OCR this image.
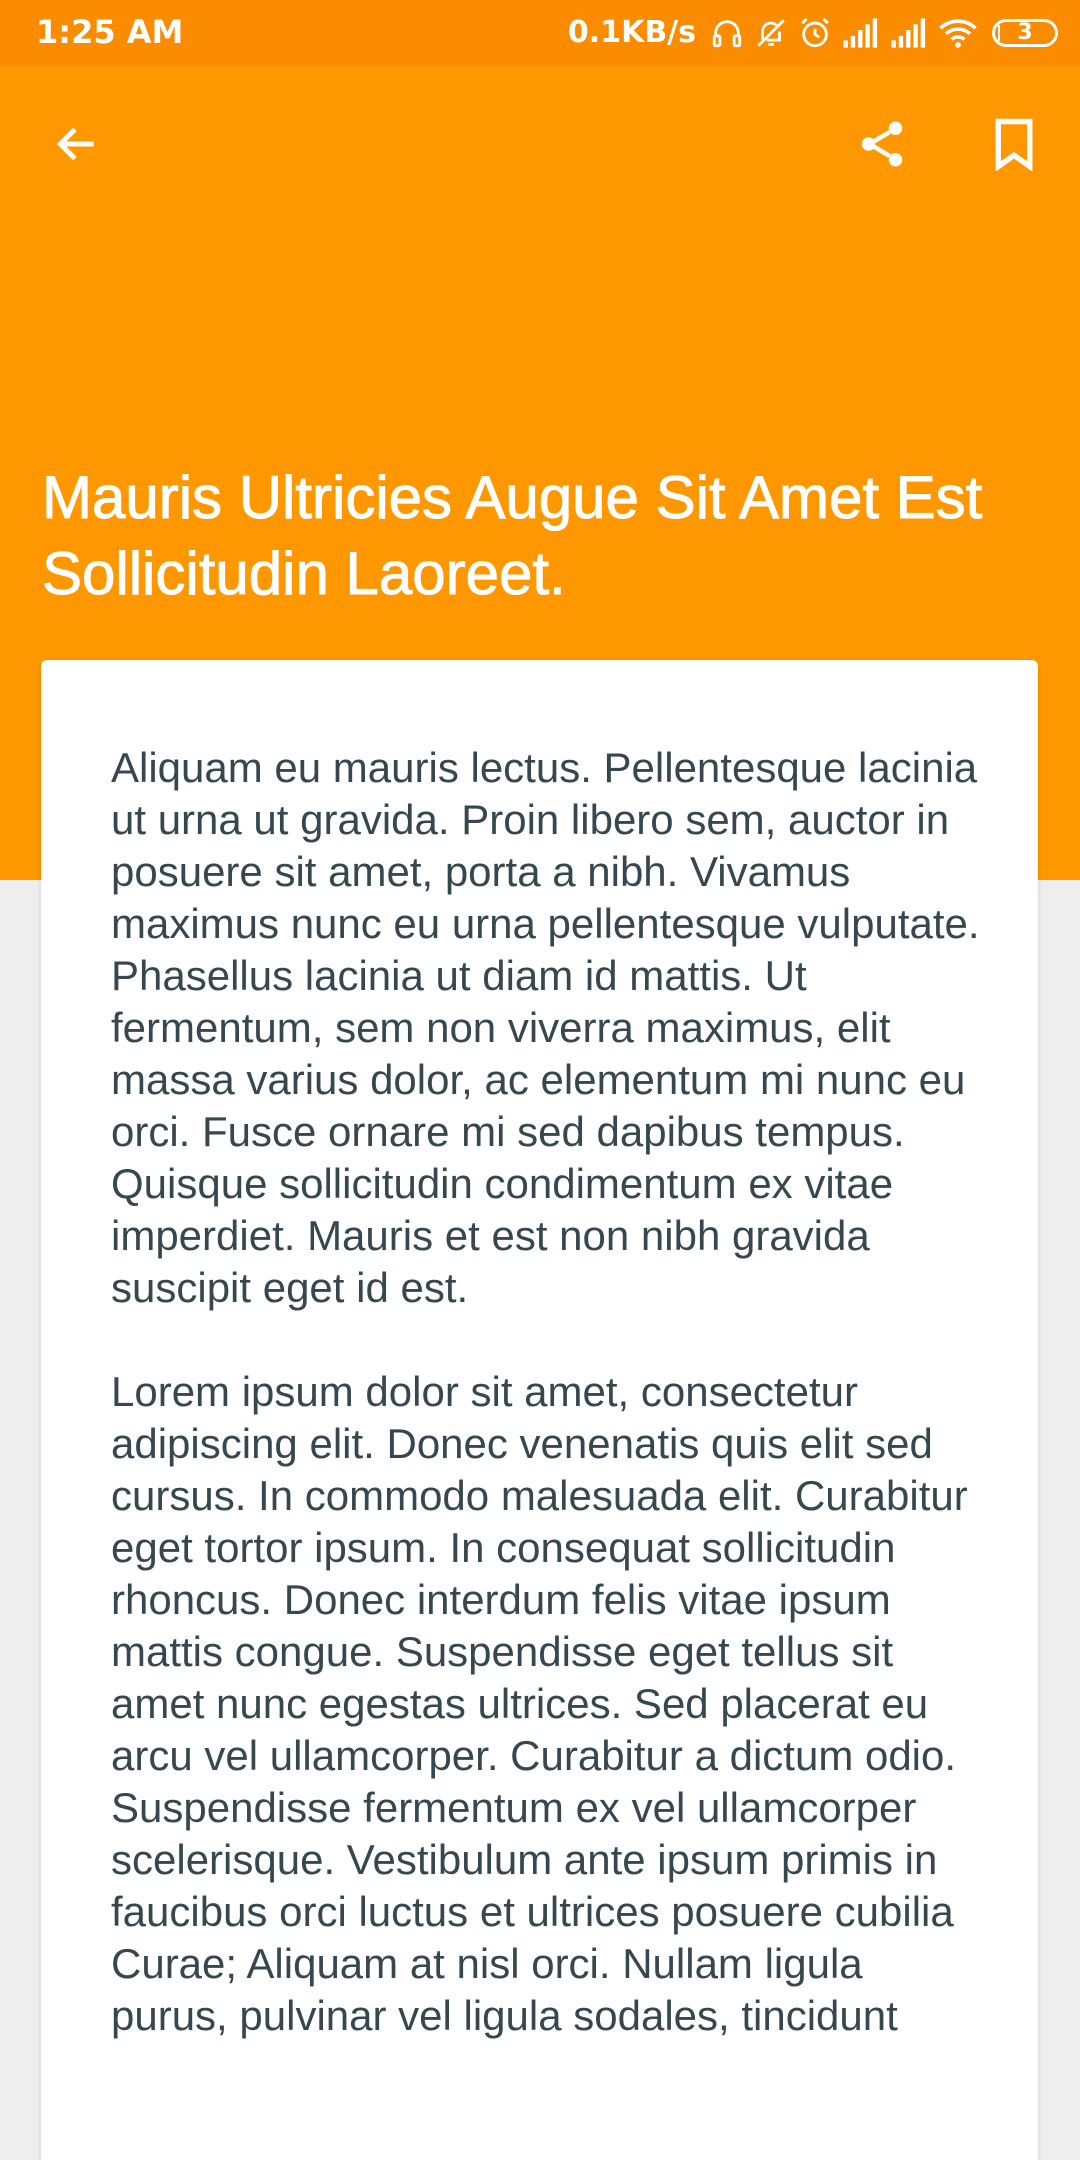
1:25 AM	0.1KB/s	3
Mauris Ultricies Augue Sit Amet Est Sollicitudin Laoreet.

Aliquam eu mauris lectus. Pellentesque lacinia ut urna ut gravida. Proin libero sem, auctor in posuere sit amet, porta a nibh. Vivamus maximus nunc eu urna pellentesque vulputate. Phasellus lacinia ut diam id mattis. Ut fermentum, sem non viverra maximus, elit massa varius dolor, ac elementum mi nunc eu orci. Fusce ornare mi sed dapibus tempus. Quisque sollicitudin condimentum ex vitae imperdiet. Mauris et est non nibh gravida suscipit eget id est.

Lorem ipsum dolor sit amet, consectetur adipiscing elit. Donec venenatis quis elit sed cursus. In commodo malesuada elit. Curabitur eget tortor ipsum. In consequat sollicitudin rhoncus. Donec interdum felis vitae ipsum mattis congue. Suspendisse eget tellus sit amet nunc egestas ultrices. Sed placerat eu arcu vel ullamcorper. Curabitur a dictum odio. Suspendisse fermentum ex vel ullamcorper scelerisque. Vestibulum ante ipsum primis in faucibus orci luctus et ultrices posuere cubilia Curae; Aliquam at nisl orci. Nullam ligula purus, pulvinar vel ligula sodales, tincidunt
